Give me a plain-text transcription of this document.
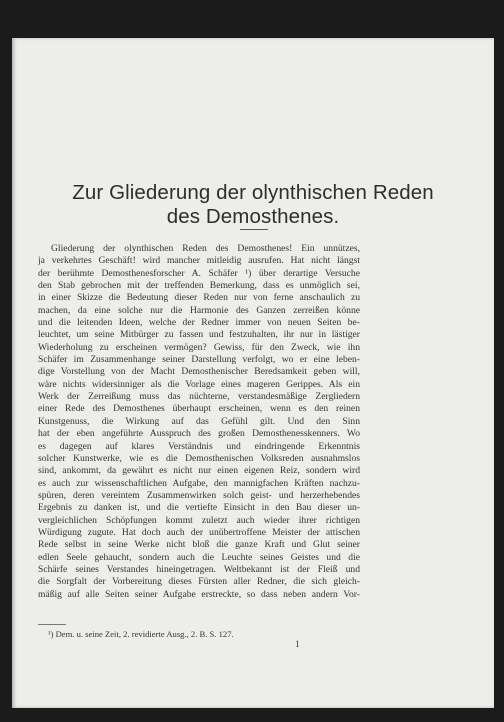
Zur Gliederung der olynthischen Reden
des Demosthenes.
Gliederung der olynthischen Reden des Demosthenes! Ein unnützes,
ja verkehrtes Geschäft! wird mancher mitleidig ausrufen. Hat nicht längst
der berühmte Demosthenesforscher A. Schäfer ¹) über derartige Versuche
den Stab gebrochen mit der treffenden Bemerkung, dass es unmöglich sei,
in einer Skizze die Bedeutung dieser Reden nur von ferne anschaulich zu
machen, da eine solche nur die Harmonie des Ganzen zerreißen könne
und die leitenden Ideen, welche der Redner immer von neuen Seiten be-
leuchtet, um seine Mitbürger zu fassen und festzuhalten, ihr nur in lästiger
Wiederholung zu erscheinen vermögen? Gewiss, für den Zweck, wie ihn
Schäfer im Zusammenhange seiner Darstellung verfolgt, wo er eine leben-
dige Vorstellung von der Macht Demosthenischer Beredsamkeit geben will,
wäre nichts widersinniger als die Vorlage eines mageren Gerippes. Als ein
Werk der Zerreißung muss das nüchterne, verstandesmäßige Zergliedern
einer Rede des Demosthenes überhaupt erscheinen, wenn es den reinen
Kunstgenuss, die Wirkung auf das Gefühl gilt. Und den Sinn
hat der eben angeführte Ausspruch des großen Demosthenesskenners. Wo
es dagegen auf klares Verständnis und eindringende Erkenntnis
solcher Kunstwerke, wie es die Demosthenischen Volksreden ausnahmslos
sind, ankommt, da gewährt es nicht nur einen eigenen Reiz, sondern wird
es auch zur wissenschaftlichen Aufgabe, den mannigfachen Kräften nachzu-
spüren, deren vereintem Zusammenwirken solch geist- und herzerhebendes
Ergebnis zu danken ist, und die vertiefte Einsicht in den Bau dieser un-
vergleichlichen Schöpfungen kommt zuletzt auch wieder ihrer richtigen
Würdigung zugute. Hat doch auch der unübertroffene Meister der attischen
Rede selbst in seine Werke nicht bloß die ganze Kraft und Glut seiner
edlen Seele gehaucht, sondern auch die Leuchte seines Geistes und die
Schärfe seines Verstandes hineingetragen. Weltbekannt ist der Fleiß und
die Sorgfalt der Vorbereitung dieses Fürsten aller Redner, die sich gleich-
mäßig auf alle Seiten seiner Aufgabe erstreckte, so dass neben andern Vor-
¹) Dem. u. seine Zeit, 2. revidierte Ausg., 2. B. S. 127.
1
